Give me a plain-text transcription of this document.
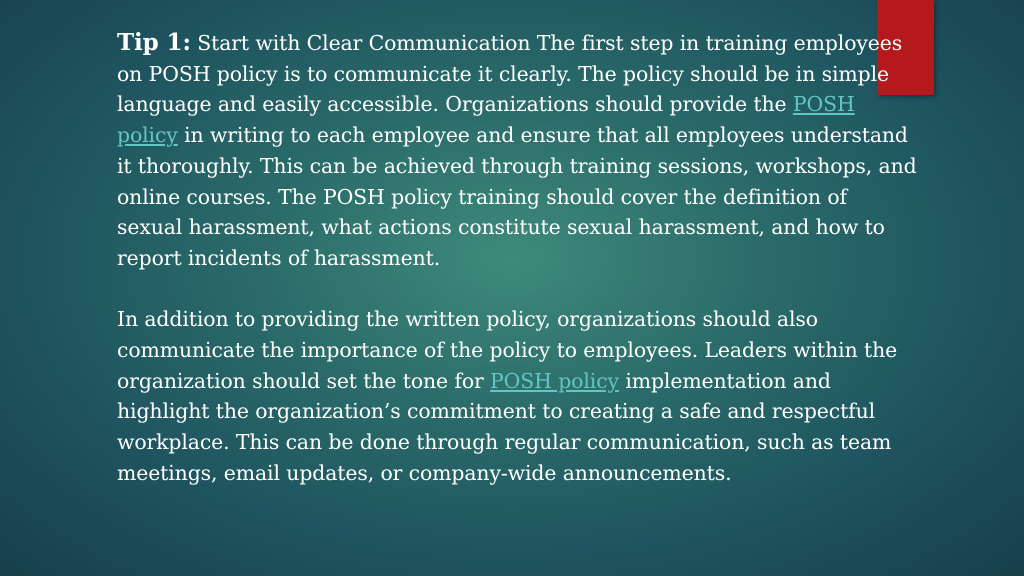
Tip 1: Start with Clear Communication The first step in training employees on POSH policy is to communicate it clearly. The policy should be in simple language and easily accessible. Organizations should provide the POSH policy in writing to each employee and ensure that all employees understand it thoroughly. This can be achieved through training sessions, workshops, and online courses. The POSH policy training should cover the definition of sexual harassment, what actions constitute sexual harassment, and how to report incidents of harassment.

In addition to providing the written policy, organizations should also communicate the importance of the policy to employees. Leaders within the organization should set the tone for POSH policy implementation and highlight the organization’s commitment to creating a safe and respectful workplace. This can be done through regular communication, such as team meetings, email updates, or company-wide announcements.
